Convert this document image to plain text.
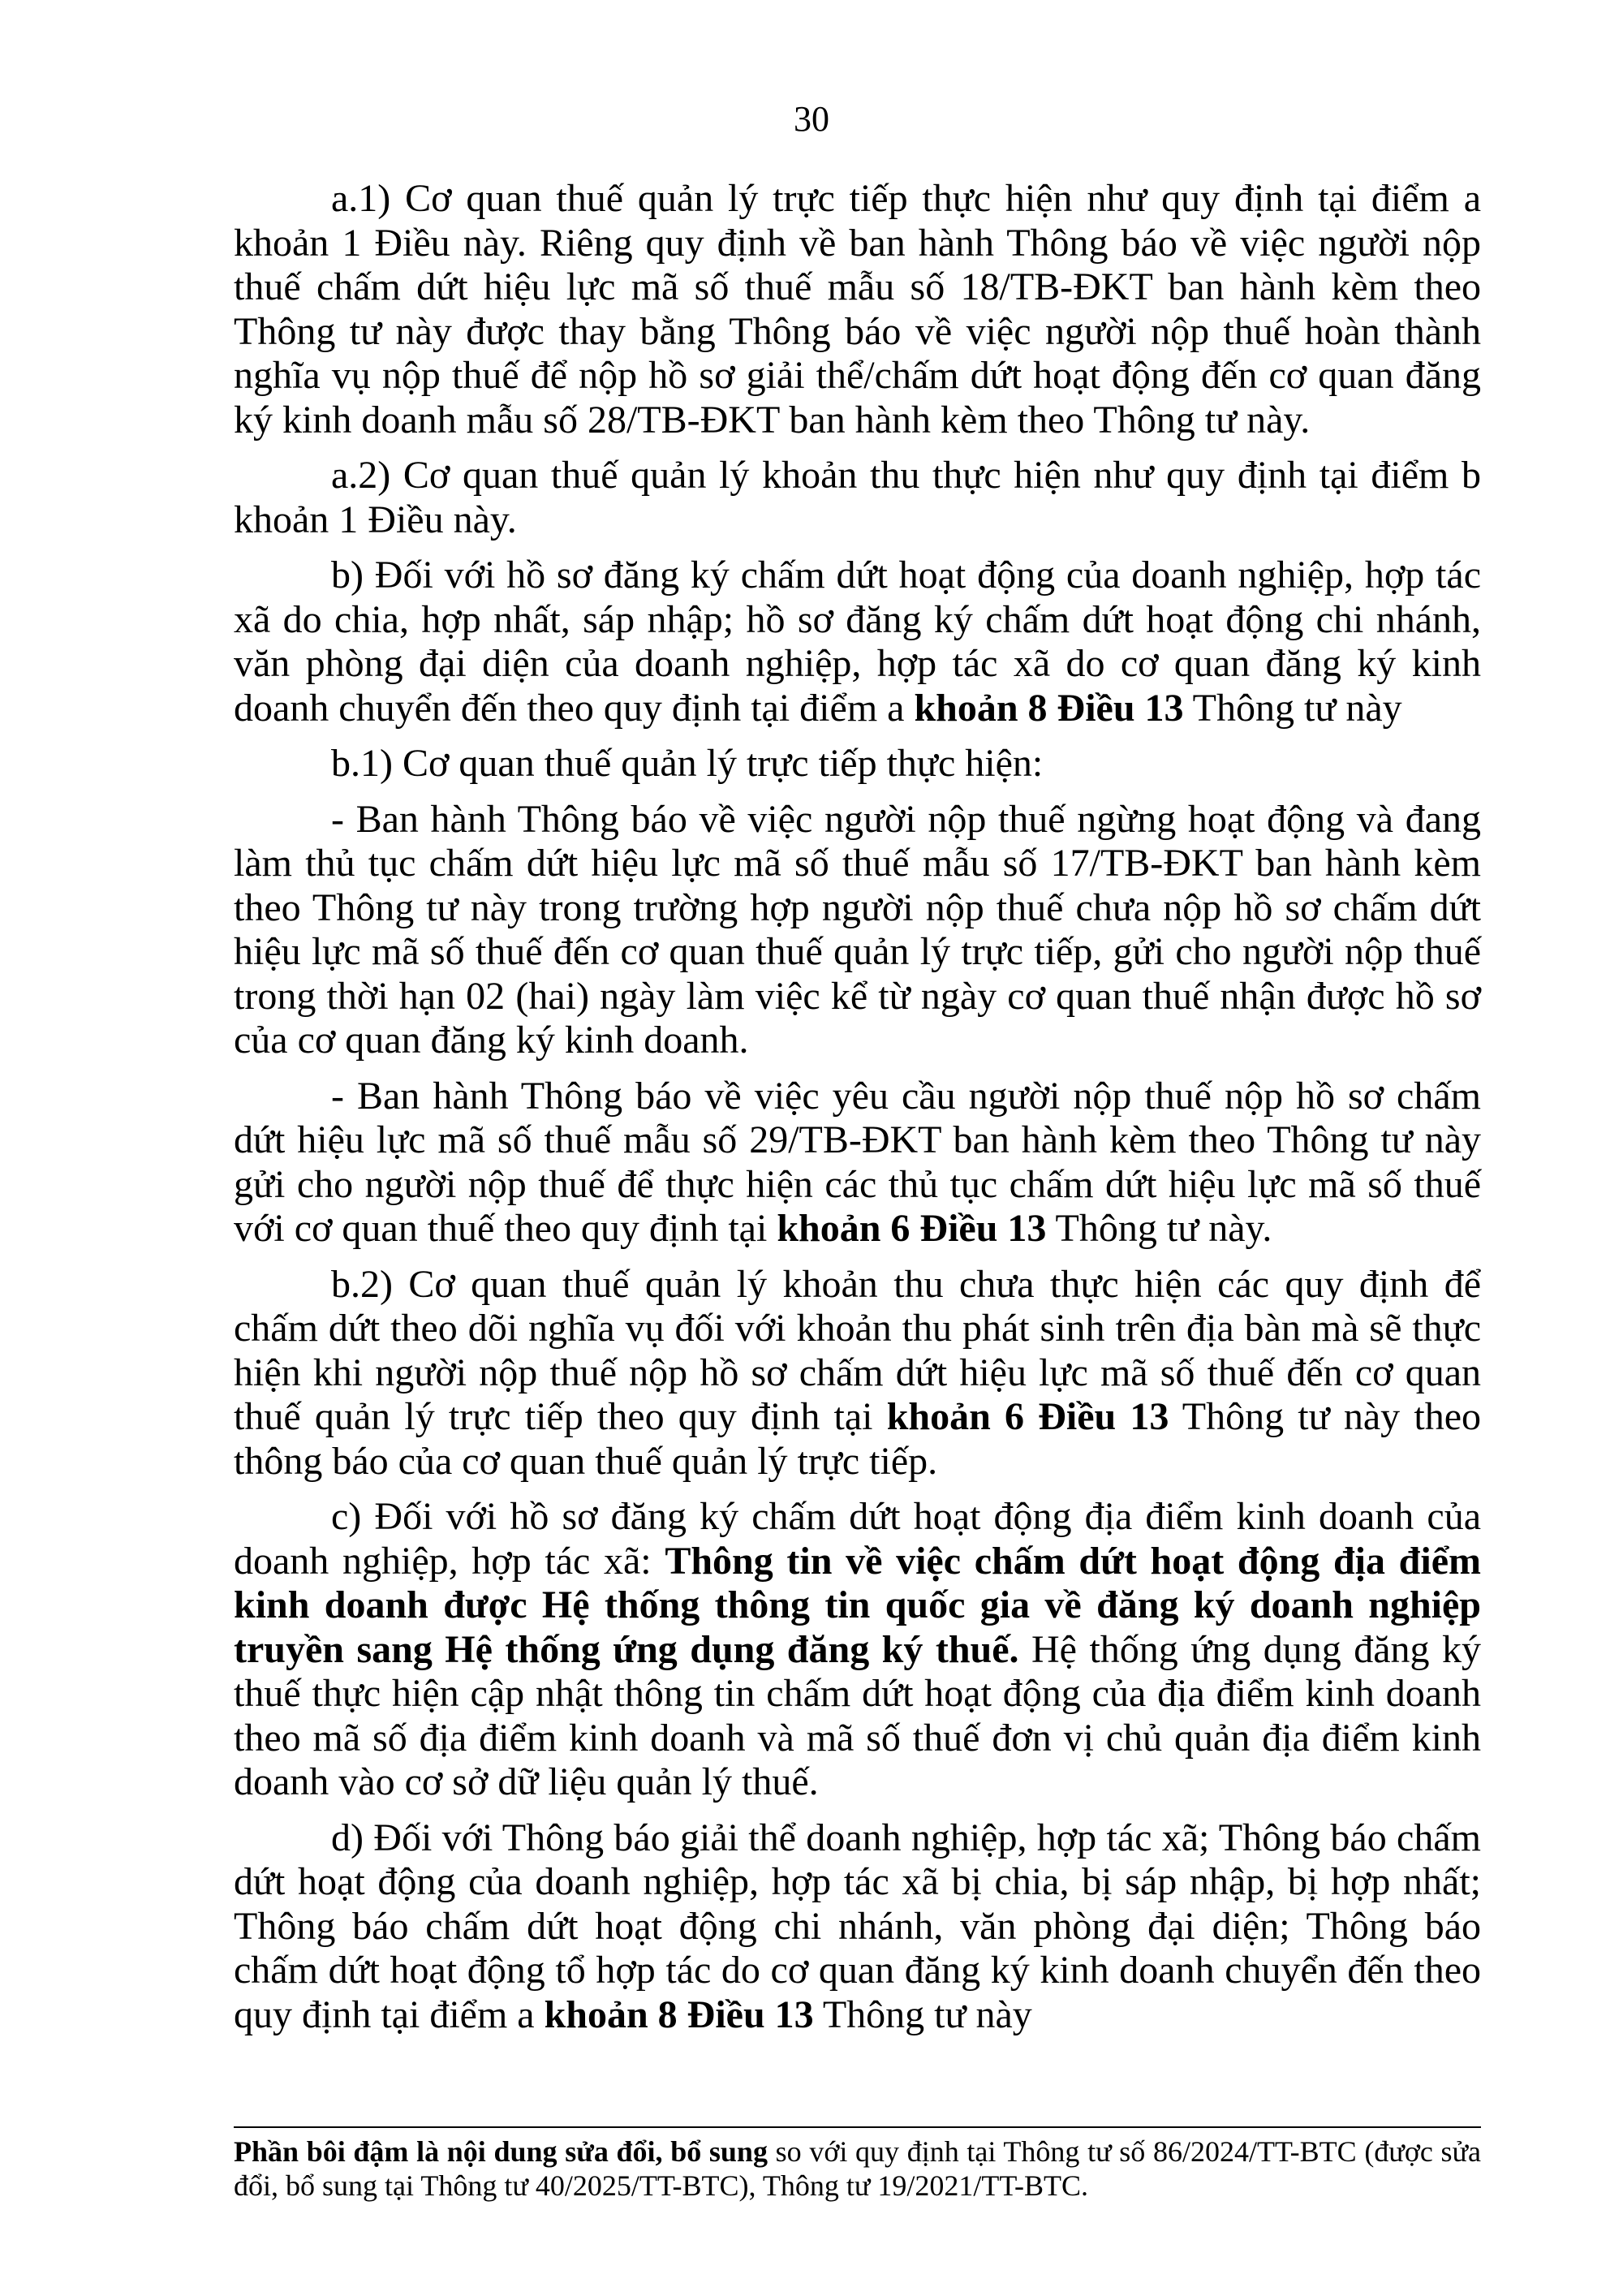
30

a.1) Cơ quan thuế quản lý trực tiếp thực hiện như quy định tại điểm a khoản 1 Điều này. Riêng quy định về ban hành Thông báo về việc người nộp thuế chấm dứt hiệu lực mã số thuế mẫu số 18/TB-ĐKT ban hành kèm theo Thông tư này được thay bằng Thông báo về việc người nộp thuế hoàn thành nghĩa vụ nộp thuế để nộp hồ sơ giải thể/chấm dứt hoạt động đến cơ quan đăng ký kinh doanh mẫu số 28/TB-ĐKT ban hành kèm theo Thông tư này.

a.2) Cơ quan thuế quản lý khoản thu thực hiện như quy định tại điểm b khoản 1 Điều này.

b) Đối với hồ sơ đăng ký chấm dứt hoạt động của doanh nghiệp, hợp tác xã do chia, hợp nhất, sáp nhập; hồ sơ đăng ký chấm dứt hoạt động chi nhánh, văn phòng đại diện của doanh nghiệp, hợp tác xã do cơ quan đăng ký kinh doanh chuyển đến theo quy định tại điểm a khoản 8 Điều 13 Thông tư này

b.1) Cơ quan thuế quản lý trực tiếp thực hiện:

- Ban hành Thông báo về việc người nộp thuế ngừng hoạt động và đang làm thủ tục chấm dứt hiệu lực mã số thuế mẫu số 17/TB-ĐKT ban hành kèm theo Thông tư này trong trường hợp người nộp thuế chưa nộp hồ sơ chấm dứt hiệu lực mã số thuế đến cơ quan thuế quản lý trực tiếp, gửi cho người nộp thuế trong thời hạn 02 (hai) ngày làm việc kể từ ngày cơ quan thuế nhận được hồ sơ của cơ quan đăng ký kinh doanh.

- Ban hành Thông báo về việc yêu cầu người nộp thuế nộp hồ sơ chấm dứt hiệu lực mã số thuế mẫu số 29/TB-ĐKT ban hành kèm theo Thông tư này gửi cho người nộp thuế để thực hiện các thủ tục chấm dứt hiệu lực mã số thuế với cơ quan thuế theo quy định tại khoản 6 Điều 13 Thông tư này.

b.2) Cơ quan thuế quản lý khoản thu chưa thực hiện các quy định để chấm dứt theo dõi nghĩa vụ đối với khoản thu phát sinh trên địa bàn mà sẽ thực hiện khi người nộp thuế nộp hồ sơ chấm dứt hiệu lực mã số thuế đến cơ quan thuế quản lý trực tiếp theo quy định tại khoản 6 Điều 13 Thông tư này theo thông báo của cơ quan thuế quản lý trực tiếp.

c) Đối với hồ sơ đăng ký chấm dứt hoạt động địa điểm kinh doanh của doanh nghiệp, hợp tác xã: Thông tin về việc chấm dứt hoạt động địa điểm kinh doanh được Hệ thống thông tin quốc gia về đăng ký doanh nghiệp truyền sang Hệ thống ứng dụng đăng ký thuế. Hệ thống ứng dụng đăng ký thuế thực hiện cập nhật thông tin chấm dứt hoạt động của địa điểm kinh doanh theo mã số địa điểm kinh doanh và mã số thuế đơn vị chủ quản địa điểm kinh doanh vào cơ sở dữ liệu quản lý thuế.

d) Đối với Thông báo giải thể doanh nghiệp, hợp tác xã; Thông báo chấm dứt hoạt động của doanh nghiệp, hợp tác xã bị chia, bị sáp nhập, bị hợp nhất; Thông báo chấm dứt hoạt động chi nhánh, văn phòng đại diện; Thông báo chấm dứt hoạt động tổ hợp tác do cơ quan đăng ký kinh doanh chuyển đến theo quy định tại điểm a khoản 8 Điều 13 Thông tư này

Phần bôi đậm là nội dung sửa đổi, bổ sung so với quy định tại Thông tư số 86/2024/TT-BTC (được sửa đổi, bổ sung tại Thông tư 40/2025/TT-BTC), Thông tư 19/2021/TT-BTC.
